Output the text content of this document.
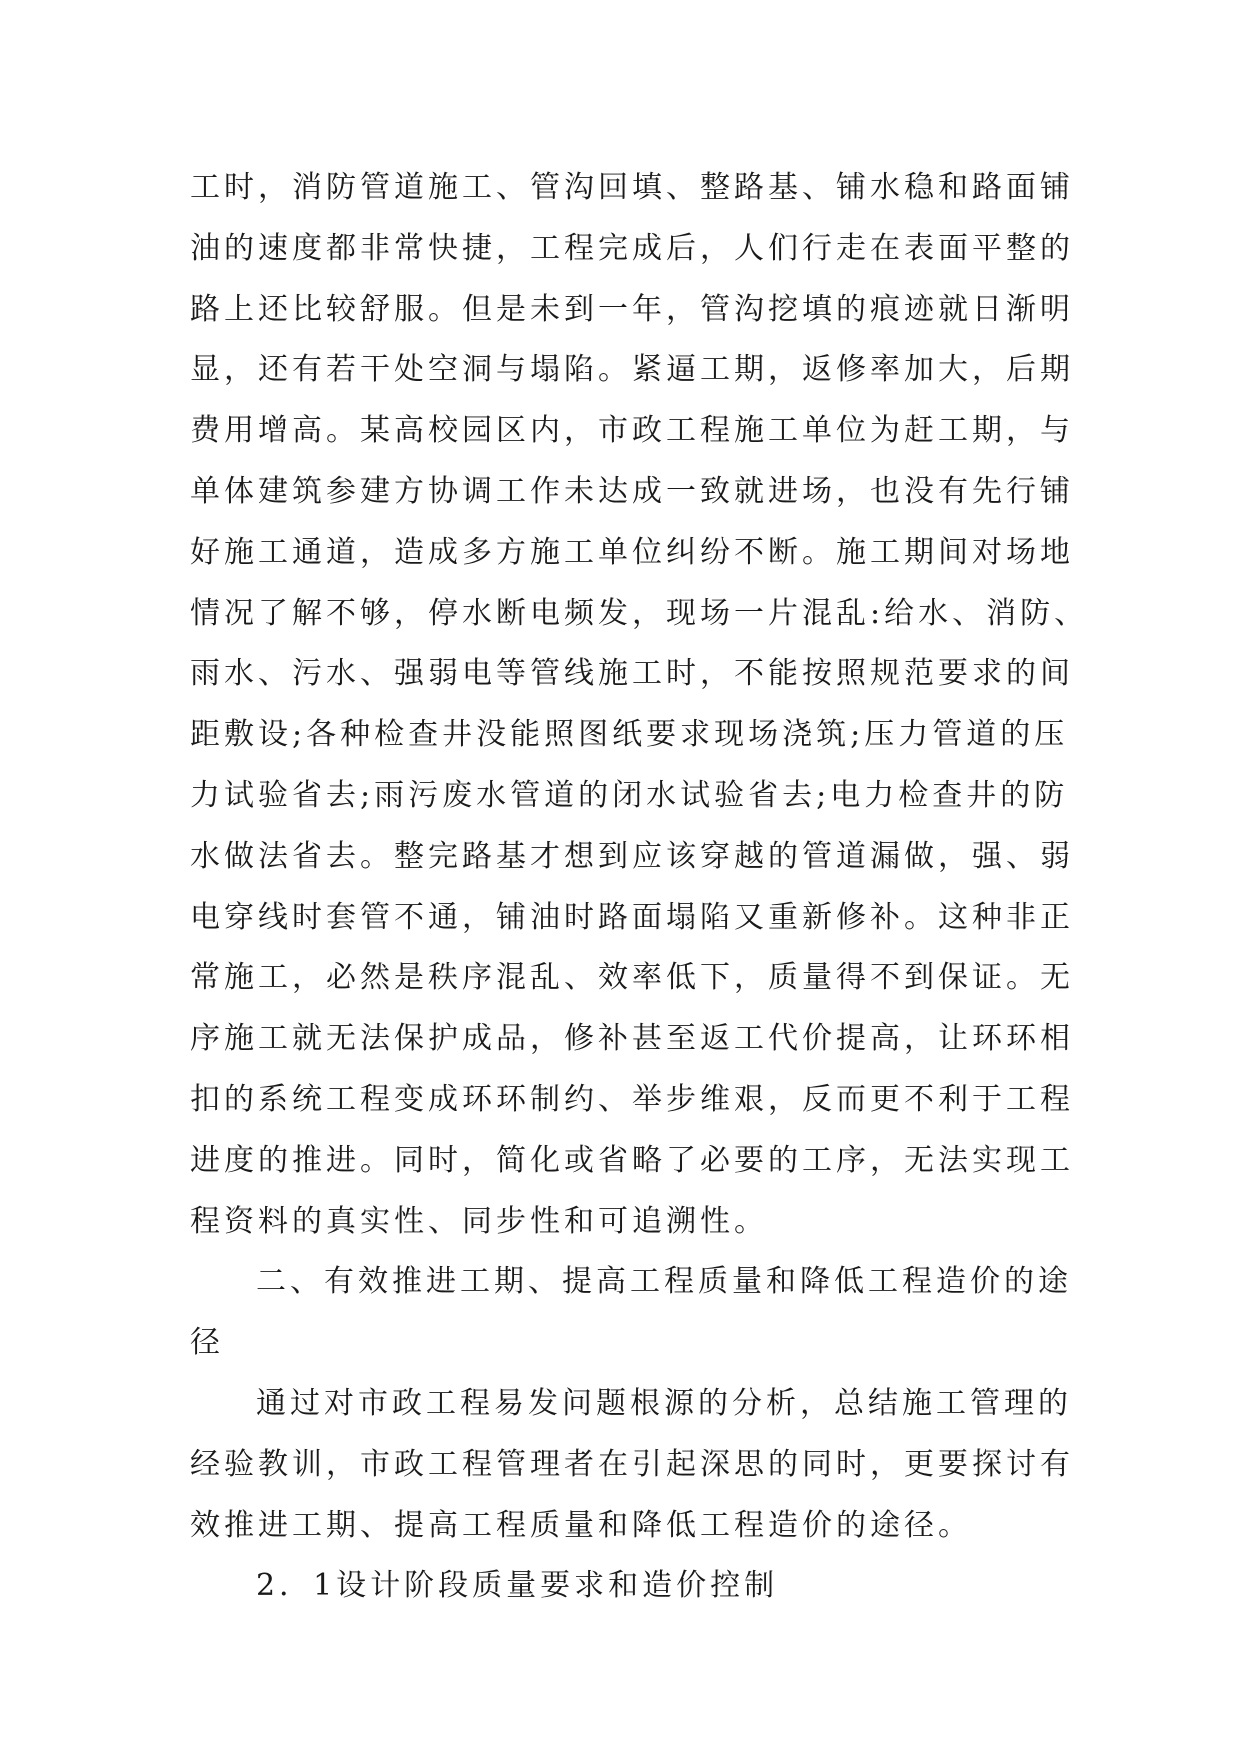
工时，消防管道施工、管沟回填、整路基、铺水稳和路面铺
油的速度都非常快捷，工程完成后，人们行走在表面平整的
路上还比较舒服。但是未到一年，管沟挖填的痕迹就日渐明
显，还有若干处空洞与塌陷。紧逼工期，返修率加大，后期
费用增高。某高校园区内，市政工程施工单位为赶工期，与
单体建筑参建方协调工作未达成一致就进场，也没有先行铺
好施工通道，造成多方施工单位纠纷不断。施工期间对场地
情况了解不够，停水断电频发，现场一片混乱:给水、消防、
雨水、污水、强弱电等管线施工时，不能按照规范要求的间
距敷设;各种检查井没能照图纸要求现场浇筑;压力管道的压
力试验省去;雨污废水管道的闭水试验省去;电力检查井的防
水做法省去。整完路基才想到应该穿越的管道漏做，强、弱
电穿线时套管不通，铺油时路面塌陷又重新修补。这种非正
常施工，必然是秩序混乱、效率低下，质量得不到保证。无
序施工就无法保护成品，修补甚至返工代价提高，让环环相
扣的系统工程变成环环制约、举步维艰，反而更不利于工程
进度的推进。同时，简化或省略了必要的工序，无法实现工
程资料的真实性、同步性和可追溯性。
二、有效推进工期、提高工程质量和降低工程造价的途
径
通过对市政工程易发问题根源的分析，总结施工管理的
经验教训，市政工程管理者在引起深思的同时，更要探讨有
效推进工期、提高工程质量和降低工程造价的途径。
2．1设计阶段质量要求和造价控制
